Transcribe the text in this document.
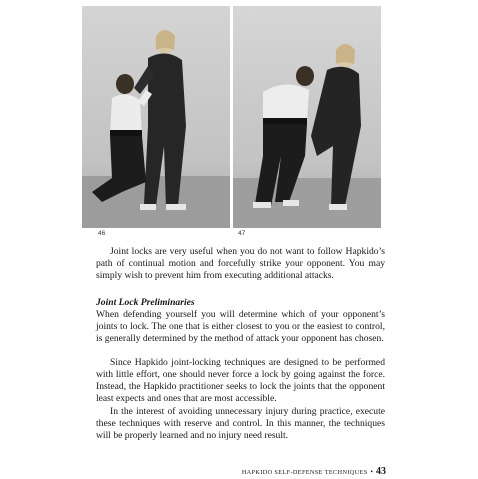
46	47

Joint locks are very useful when you do not want to follow Hapkido’s path of continual motion and forcefully strike your opponent. You may simply wish to prevent him from executing additional attacks.

Joint Lock Preliminaries

When defending yourself you will determine which of your opponent’s joints to lock. The one that is either closest to you or the easiest to control, is generally determined by the method of attack your opponent has chosen.

Since Hapkido joint-locking techniques are designed to be performed with little effort, one should never force a lock by going against the force. Instead, the Hapkido practitioner seeks to lock the joints that the opponent least expects and ones that are most accessible.

In the interest of avoiding unnecessary injury during practice, execute these techniques with reserve and control. In this manner, the techniques will be properly learned and no injury need result.

HAPKIDO SELF-DEFENSE TECHNIQUES • 43
